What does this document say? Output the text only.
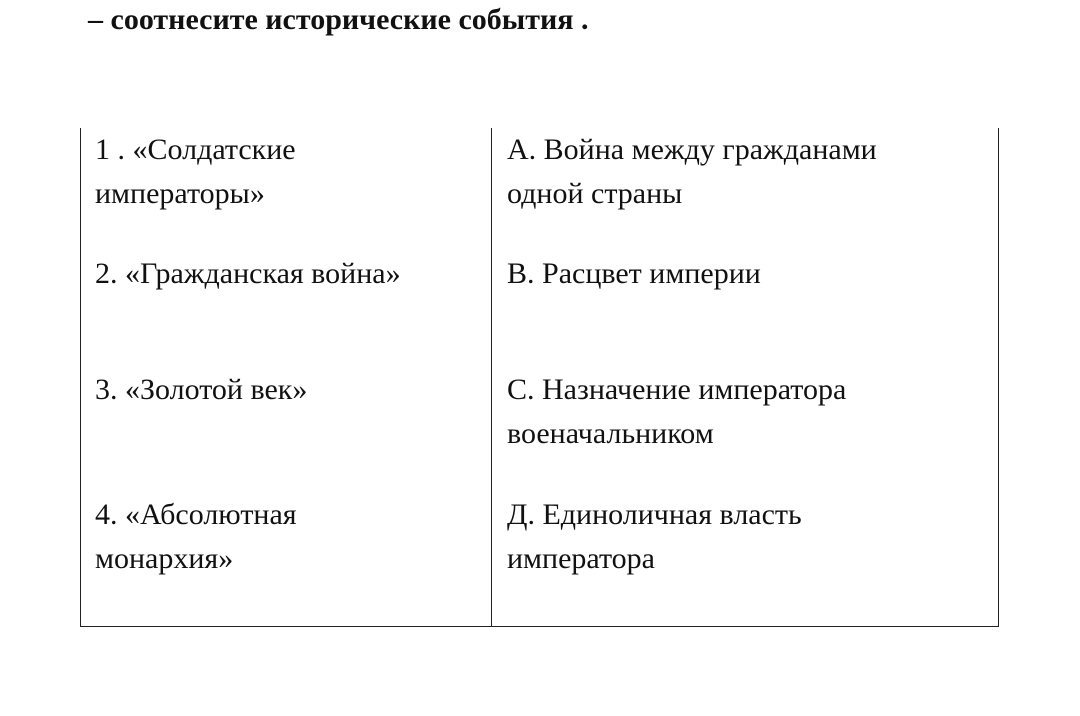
– соотнесите исторические события .
1 . «Солдатские
императоры»
А. Война между гражданами
одной страны
2. «Гражданская война»	В. Расцвет империи
3. «Золотой век»	С. Назначение императора
военачальником
4. «Абсолютная
монархия»
Д. Единоличная власть
императора
